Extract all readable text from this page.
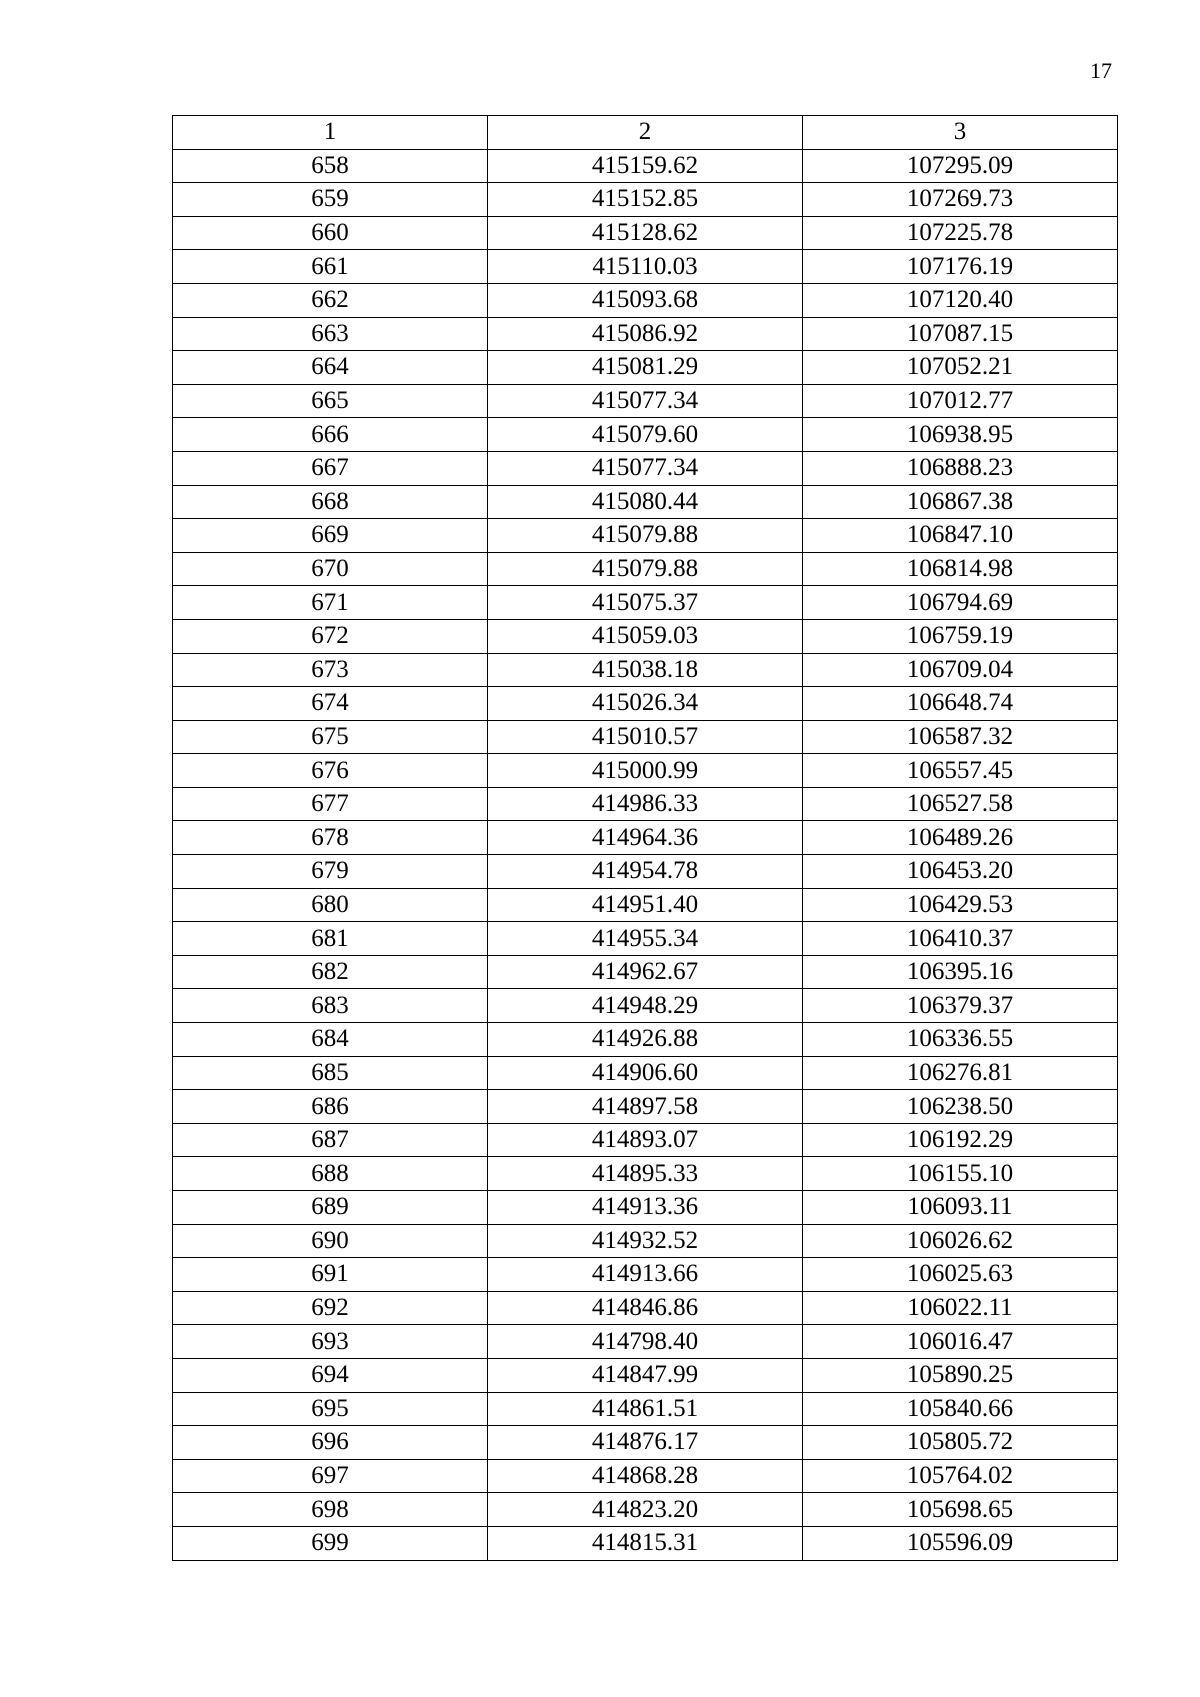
17
1	2	3
658	415159.62	107295.09
659	415152.85	107269.73
660	415128.62	107225.78
661	415110.03	107176.19
662	415093.68	107120.40
663	415086.92	107087.15
664	415081.29	107052.21
665	415077.34	107012.77
666	415079.60	106938.95
667	415077.34	106888.23
668	415080.44	106867.38
669	415079.88	106847.10
670	415079.88	106814.98
671	415075.37	106794.69
672	415059.03	106759.19
673	415038.18	106709.04
674	415026.34	106648.74
675	415010.57	106587.32
676	415000.99	106557.45
677	414986.33	106527.58
678	414964.36	106489.26
679	414954.78	106453.20
680	414951.40	106429.53
681	414955.34	106410.37
682	414962.67	106395.16
683	414948.29	106379.37
684	414926.88	106336.55
685	414906.60	106276.81
686	414897.58	106238.50
687	414893.07	106192.29
688	414895.33	106155.10
689	414913.36	106093.11
690	414932.52	106026.62
691	414913.66	106025.63
692	414846.86	106022.11
693	414798.40	106016.47
694	414847.99	105890.25
695	414861.51	105840.66
696	414876.17	105805.72
697	414868.28	105764.02
698	414823.20	105698.65
699	414815.31	105596.09
